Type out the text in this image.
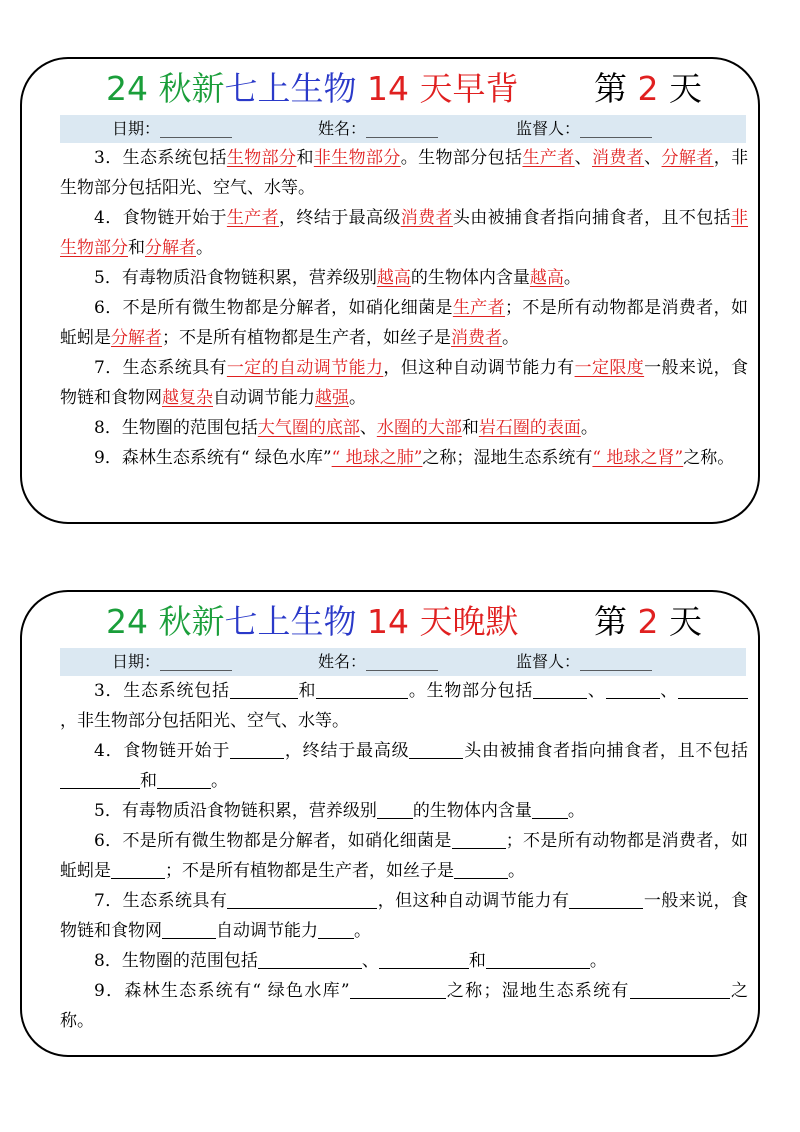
24 秋新七上生物 14 天早背 第 2 天
日期：_________	姓名：_________	监督人：_________

3．生态系统包括生物部分和非生物部分。生物部分包括生产者、消费者、分解者，非生物部分包括阳光、空气、水等。

4．食物链开始于生产者，终结于最高级消费者头由被捕食者指向捕食者，且不包括非生物部分和分解者。

5．有毒物质沿食物链积累，营养级别越高的生物体内含量越高。

6．不是所有微生物都是分解者，如硝化细菌是生产者；不是所有动物都是消费者，如蚯蚓是分解者；不是所有植物都是生产者，如丝子是消费者。

7．生态系统具有一定的自动调节能力，但这种自动调节能力有一定限度一般来说，食物链和食物网越复杂自动调节能力越强。

8．生物圈的范围包括大气圈的底部、水圈的大部和岩石圈的表面。

9．森林生态系统有“ 绿色水库”“ 地球之肺”之称；湿地生态系统有“ 地球之肾”之称。

24 秋新七上生物 14 天晚默 第 2 天
日期：_________	姓名：_________	监督人：_________

3．生态系统包括	和	。生物部分包括	、	、，非生物部分包括阳光、空气、水等。

4．食物链开始于	，终结于最高级	头由被捕食者指向捕食者，且不包括和	。

5．有毒物质沿食物链积累，营养级别 的生物体内含量 。

6．不是所有微生物都是分解者，如硝化细菌是	；不是所有动物都是消费者，如蚯蚓是	；不是所有植物都是生产者，如丝子是	。

7．生态系统具有	，但这种自动调节能力有	一般来说，食物链和食物网	自动调节能力 。

8．生物圈的范围包括	、	和	。

9．森林生态系统有“ 绿色水库”	之称；湿地生态系统有	之称。
